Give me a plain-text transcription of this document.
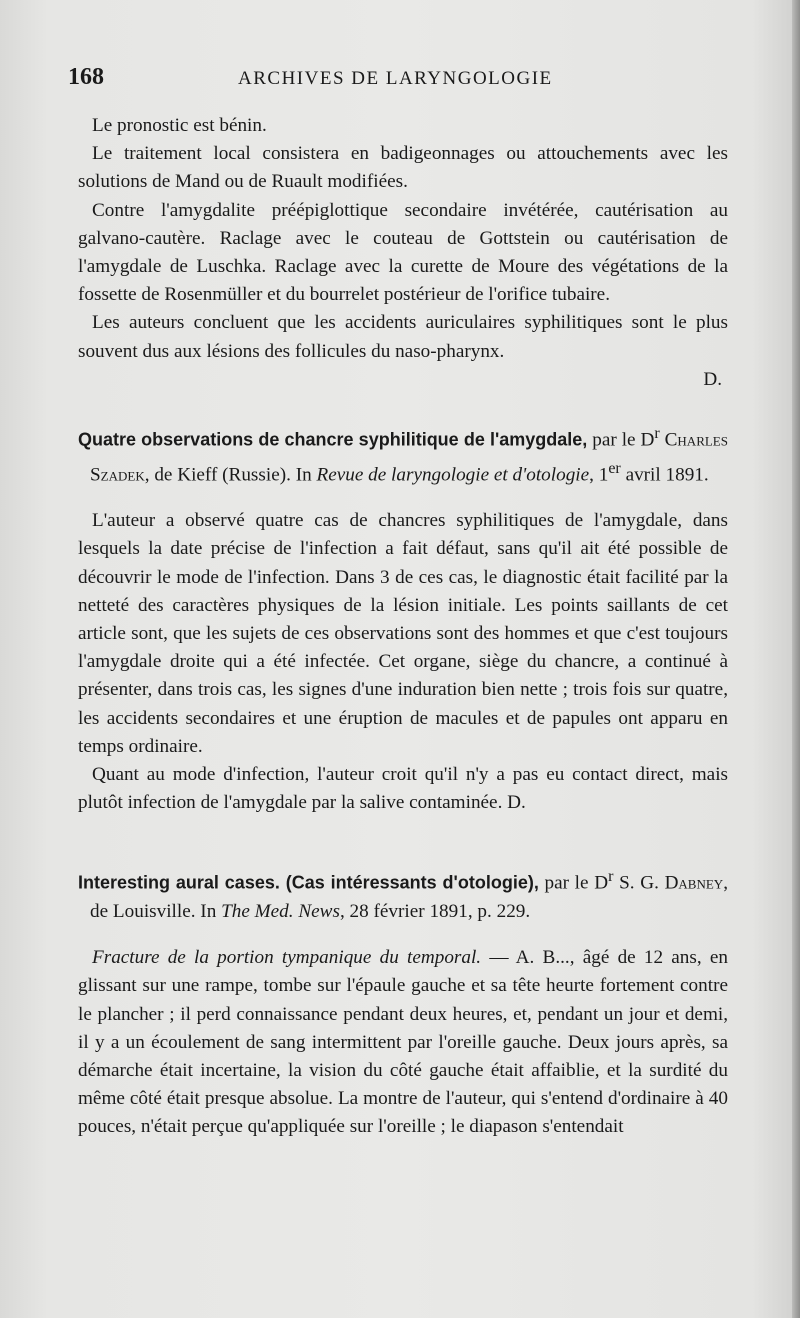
168	ARCHIVES DE LARYNGOLOGIE

Le pronostic est bénin.

Le traitement local consistera en badigeonnages ou attouchements avec les solutions de Mand ou de Ruault modifiées.

Contre l'amygdalite préépiglottique secondaire invétérée, cautérisation au galvano-cautère. Raclage avec le couteau de Gottstein ou cautérisation de l'amygdale de Luschka. Raclage avec la curette de Moure des végétations de la fossette de Rosenmüller et du bourrelet postérieur de l'orifice tubaire.

Les auteurs concluent que les accidents auriculaires syphilitiques sont le plus souvent dus aux lésions des follicules du naso-pharynx.

D.

Quatre observations de chancre syphilitique de l'amygdale, par le $D^r$ Charles Szadek, de Kieff (Russie). In Revue de laryngologie et d'otologie, 1er avril 1891.

L'auteur a observé quatre cas de chancres syphilitiques de l'amygdale, dans lesquels la date précise de l'infection a fait défaut, sans qu'il ait été possible de découvrir le mode de l'infection. Dans 3 de ces cas, le diagnostic était facilité par la netteté des caractères physiques de la lésion initiale. Les points saillants de cet article sont, que les sujets de ces observations sont des hommes et que c'est toujours l'amygdale droite qui a été infectée. Cet organe, siège du chancre, a continué à présenter, dans trois cas, les signes d'une induration bien nette ; trois fois sur quatre, les accidents secondaires et une éruption de macules et de papules ont apparu en temps ordinaire.

Quant au mode d'infection, l'auteur croit qu'il n'y a pas eu contact direct, mais plutôt infection de l'amygdale par la salive contaminée. D.

Interesting aural cases. (Cas intéressants d'otologie), par le $D^r$ S. G. Dabney, de Louisville. In The Med. News, 28 février 1891, p. 229.

Fracture de la portion tympanique du temporal. — A. B..., âgé de 12 ans, en glissant sur une rampe, tombe sur l'épaule gauche et sa tête heurte fortement contre le plancher ; il perd connaissance pendant deux heures, et, pendant un jour et demi, il y a un écoulement de sang intermittent par l'oreille gauche. Deux jours après, sa démarche était incertaine, la vision du côté gauche était affaiblie, et la surdité du même côté était presque absolue. La montre de l'auteur, qui s'entend d'ordinaire à 40 pouces, n'était perçue qu'appliquée sur l'oreille ; le diapason s'entendait
